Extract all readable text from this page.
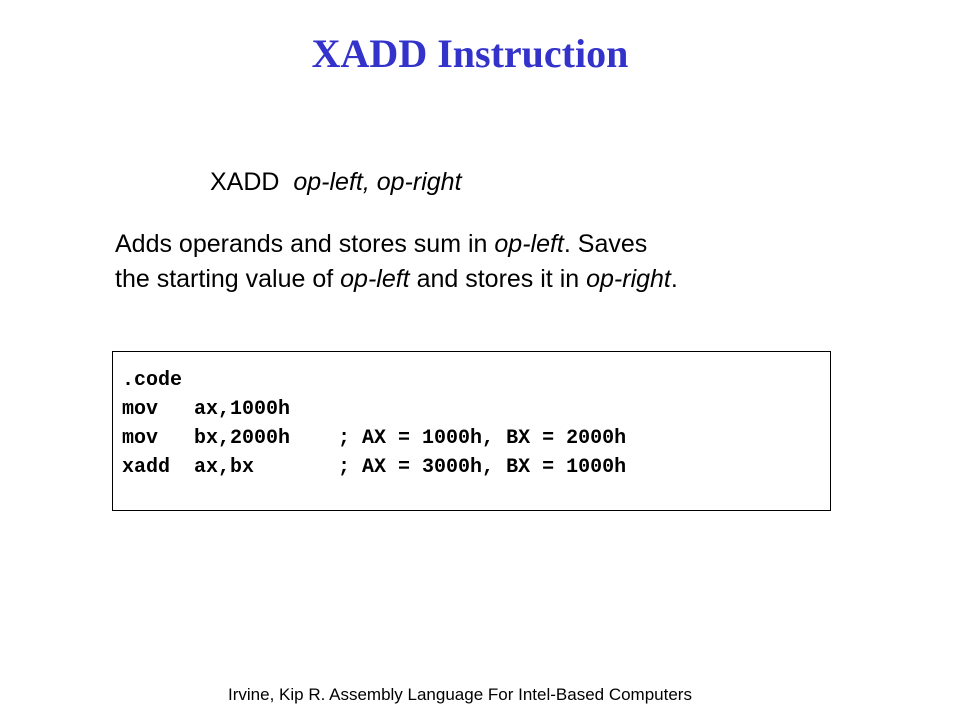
XADD Instruction

XADD op-left, op-right

Adds operands and stores sum in op-left. Saves
the starting value of op-left and stores it in op-right.

.code
mov   ax,1000h
mov   bx,2000h    ; AX = 1000h, BX = 2000h
xadd  ax,bx       ; AX = 3000h, BX = 1000h

Irvine, Kip R. Assembly Language For Intel-Based Computers
